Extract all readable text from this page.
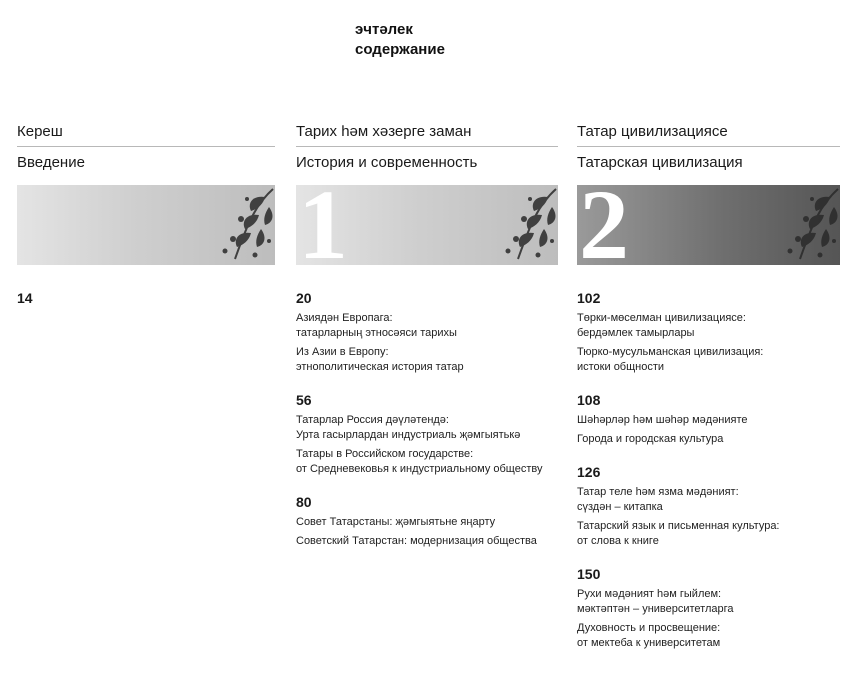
эчтәлек
содержание
Кереш
Введение
14
Тарих һәм хәзерге заман
История и современность
1
20
Азиядән Европага:
татарларның этносәяси тарихы
Из Азии в Европу:
этнополитическая история татар
56
Татарлар Россия дәүләтендә:
Урта гасырлардан индустриаль җәмгыятькә
Татары в Российском государстве:
от Средневековья к индустриальному обществу
80
Совет Татарстаны: җәмгыятьне яңарту
Советский Татарстан: модернизация общества
Татар цивилизациясе
Татарская цивилизация
2
102
Төрки-мөселман цивилизациясе:
бердәмлек тамырлары
Тюрко-мусульманская цивилизация:
истоки общности
108
Шәһәрләр һәм шәһәр мәдәнияте
Города и городская культура
126
Татар теле һәм язма мәдәният:
сүздән – китапка
Татарский язык и письменная культура:
от слова к книге
150
Рухи мәдәният һәм гыйлем:
мәктәптән – университетларга
Духовность и просвещение:
от мектеба к университетам
